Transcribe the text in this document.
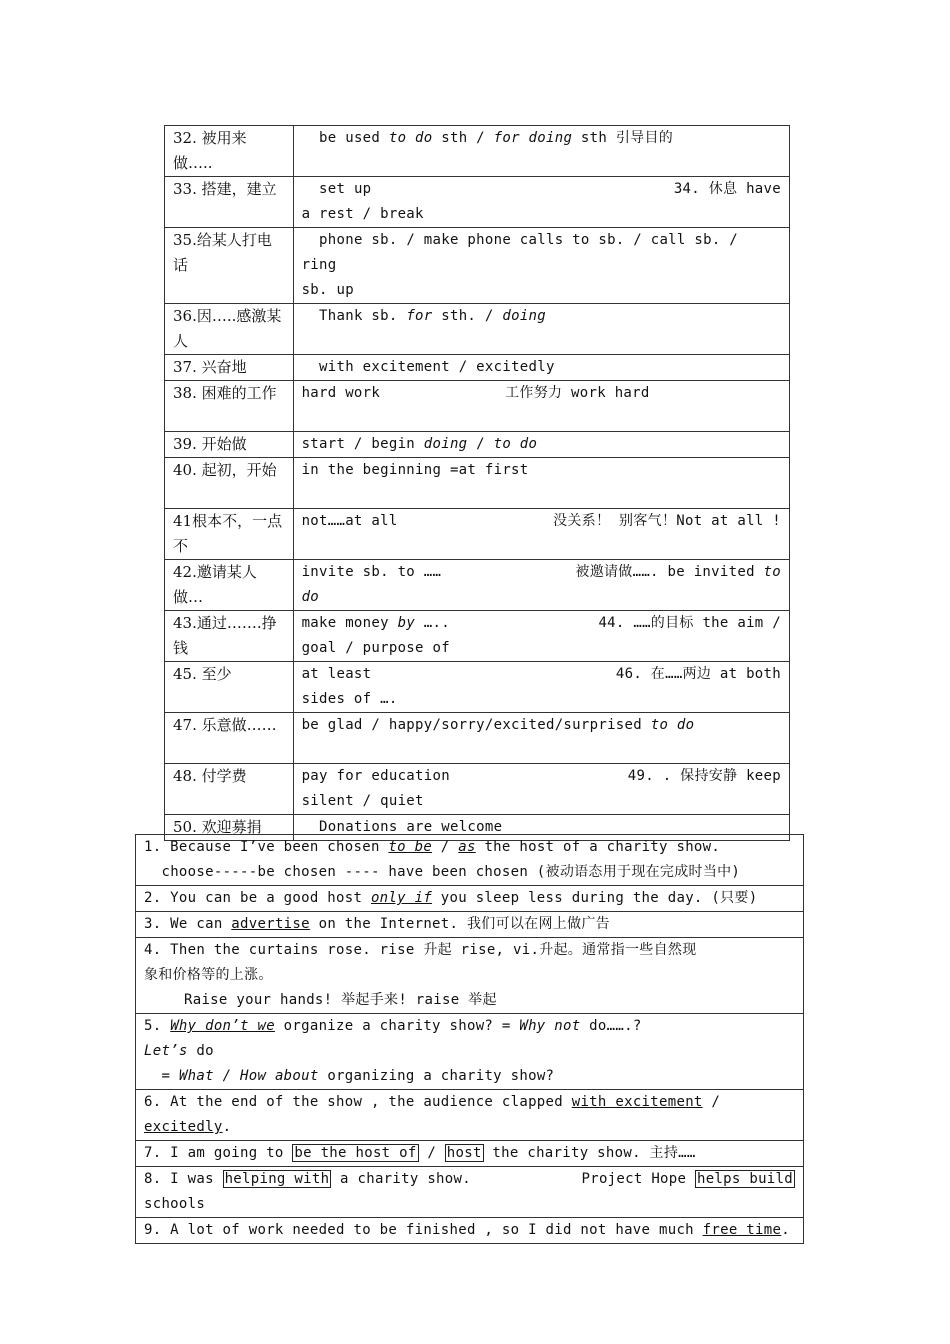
32. 被用来做…..	be used to do sth / for doing sth 引导目的
33. 搭建，建立	set up 34. 休息 have
a rest / break

35.给某人打电话	phone sb. / make phone calls to sb. / call sb. / ring
sb. up

36.因…..感激某人	Thank sb. for sth. / doing
37. 兴奋地	with excitement / excitedly
38. 困难的工作	hard work 工作努力 work hard
39. 开始做	start / begin doing / to do
40. 起初，开始	in the beginning =at first
41根本不，一点不	not……at all 没关系！ 别客气！Not at all !

42.邀请某人做…	invite sb. to …… 被邀请做……. be invited to
do

43.通过…….挣钱	make money by ….. 44. ……的目标 the aim /
goal / purpose of

45. 至少	at least 46. 在……两边 at both
sides of ….

47. 乐意做……	be glad / happy/sorry/excited/surprised to do
48. 付学费	pay for education 49. . 保持安静 keep
silent / quiet

50. 欢迎募捐	Donations are welcome
1. Because I’ve been chosen to be / as the host of a charity show.
choose-----be chosen ---- have been chosen (被动语态用于现在完成时当中)

2. You can be a good host only if you sleep less during the day. (只要)
3. We can advertise on the Internet. 我们可以在网上做广告

4. Then the curtains rose. rise 升起 rise, vi.升起。通常指一些自然现
象和价格等的上涨。
Raise your hands! 举起手来! raise 举起

5. Why don’t we organize a charity show? = Why not do…….?
Let’s do
= What / How about organizing a charity show?

6. At the end of the show , the audience clapped with excitement / excitedly.
7. I am going to be the host of / host the charity show. 主持……

8. I was helping with a charity show.	Project Hope helps build
schools

9. A lot of work needed to be finished , so I did not have much free time.
